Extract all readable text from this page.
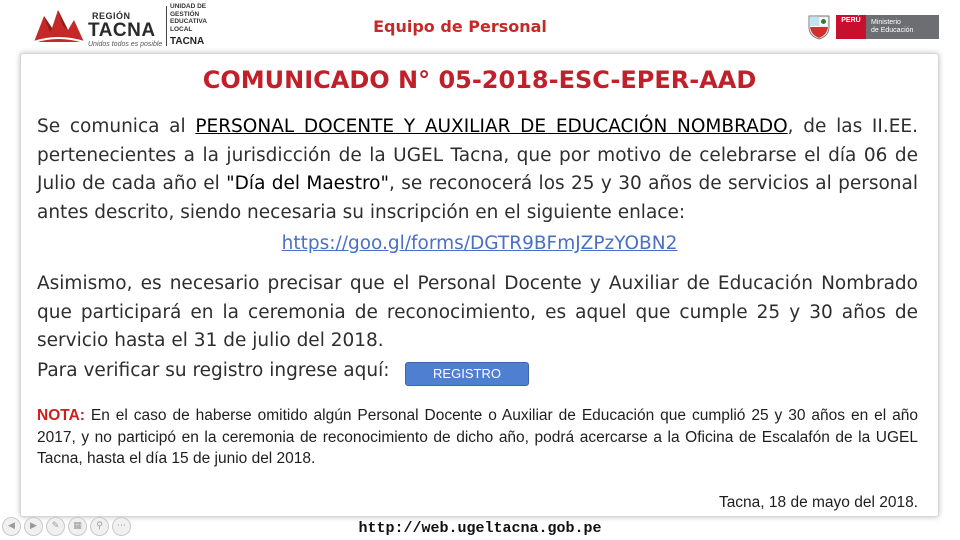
REGIÓN
TACNA
Unidos todos es posible
UNIDAD DE
GESTIÓN
EDUCATIVA
LOCAL
TACNA
Equipo de Personal	PERÚ	Ministerio
de Educación
COMUNICADO N° 05-2018-ESC-EPER-AAD
Se comunica al PERSONAL DOCENTE Y AUXILIAR DE EDUCACIÓN NOMBRADO, de las II.EE. pertenecientes a la jurisdicción de la UGEL Tacna, que por motivo de celebrarse el día 06 de Julio de cada año el "Día del Maestro", se reconocerá los 25 y 30 años de servicios al personal antes descrito, siendo necesaria su inscripción en el siguiente enlace:
https://goo.gl/forms/DGTR9BFmJZPzYOBN2
Asimismo, es necesario precisar que el Personal Docente y Auxiliar de Educación Nombrado que participará en la ceremonia de reconocimiento, es aquel que cumple 25 y 30 años de servicio hasta el 31 de julio del 2018.
Para verificar su registro ingrese aquí:	REGISTRO
NOTA: En el caso de haberse omitido algún Personal Docente o Auxiliar de Educación que cumplió 25 y 30 años en el año 2017, y no participó en la ceremonia de reconocimiento de dicho año, podrá acercarse a la Oficina de Escalafón de la UGEL Tacna, hasta el día 15 de junio del 2018.
Tacna, 18 de mayo del 2018.
http://web.ugeltacna.gob.pe
◀	▶	✎	▦	⚲	⋯
